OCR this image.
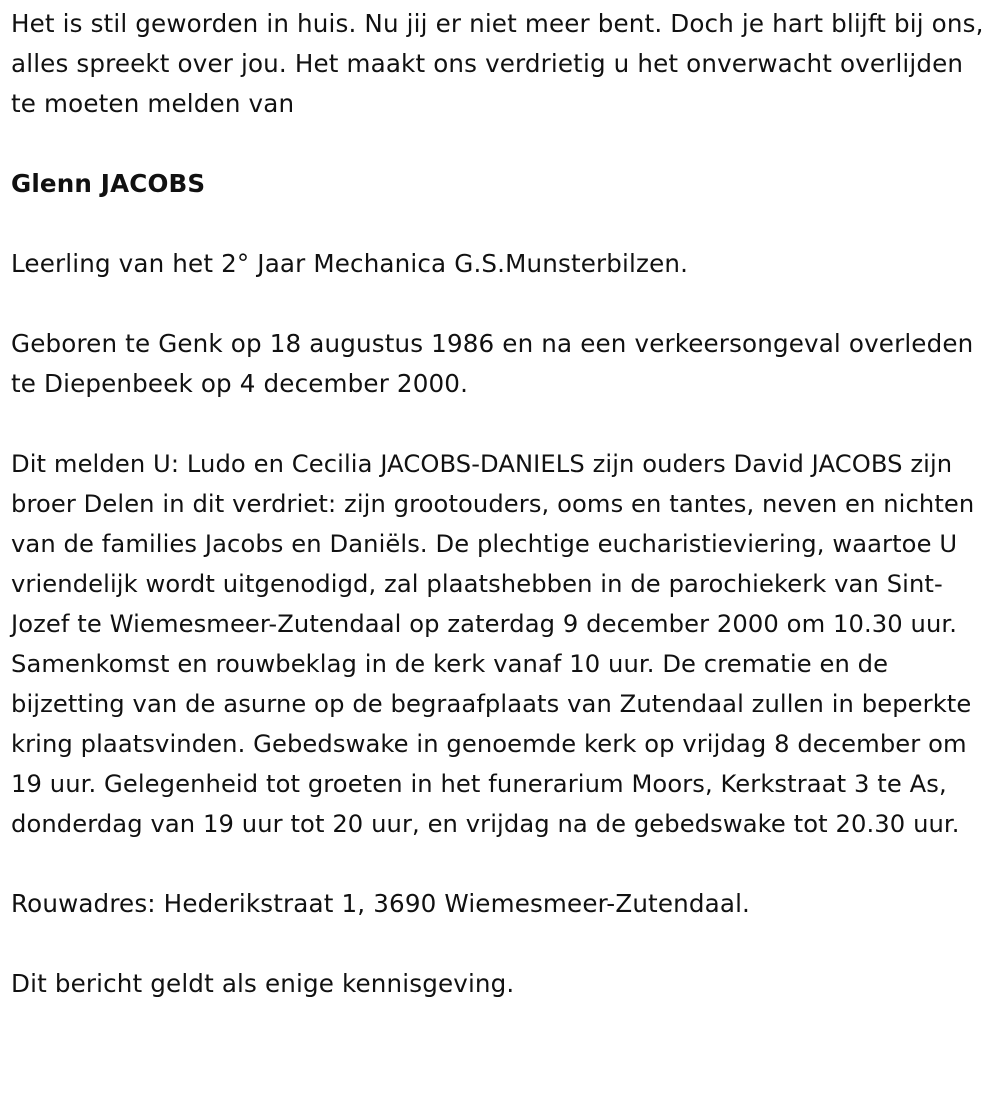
Het is stil geworden in huis. Nu jij er niet meer bent. Doch je hart blijft bij ons, alles spreekt over jou. Het maakt ons verdrietig u het onverwacht overlijden te moeten melden van

Glenn JACOBS

Leerling van het 2° Jaar Mechanica G.S.Munsterbilzen.

Geboren te Genk op 18 augustus 1986 en na een verkeersongeval overleden te Diepenbeek op 4 december 2000.

Dit melden U: Ludo en Cecilia JACOBS-DANIELS zijn ouders David JACOBS zijn broer Delen in dit verdriet: zijn grootouders, ooms en tantes, neven en nichten van de families Jacobs en Daniëls. De plechtige eucharistieviering, waartoe U vriendelijk wordt uitgenodigd, zal plaatshebben in de parochiekerk van Sint-Jozef te Wiemesmeer-Zutendaal op zaterdag 9 december 2000 om 10.30 uur. Samenkomst en rouwbeklag in de kerk vanaf 10 uur. De crematie en de bijzetting van de asurne op de begraafplaats van Zutendaal zullen in beperkte kring plaatsvinden. Gebedswake in genoemde kerk op vrijdag 8 december om 19 uur. Gelegenheid tot groeten in het funerarium Moors, Kerkstraat 3 te As, donderdag van 19 uur tot 20 uur, en vrijdag na de gebedswake tot 20.30 uur.

Rouwadres: Hederikstraat 1, 3690 Wiemesmeer-Zutendaal.

Dit bericht geldt als enige kennisgeving.
